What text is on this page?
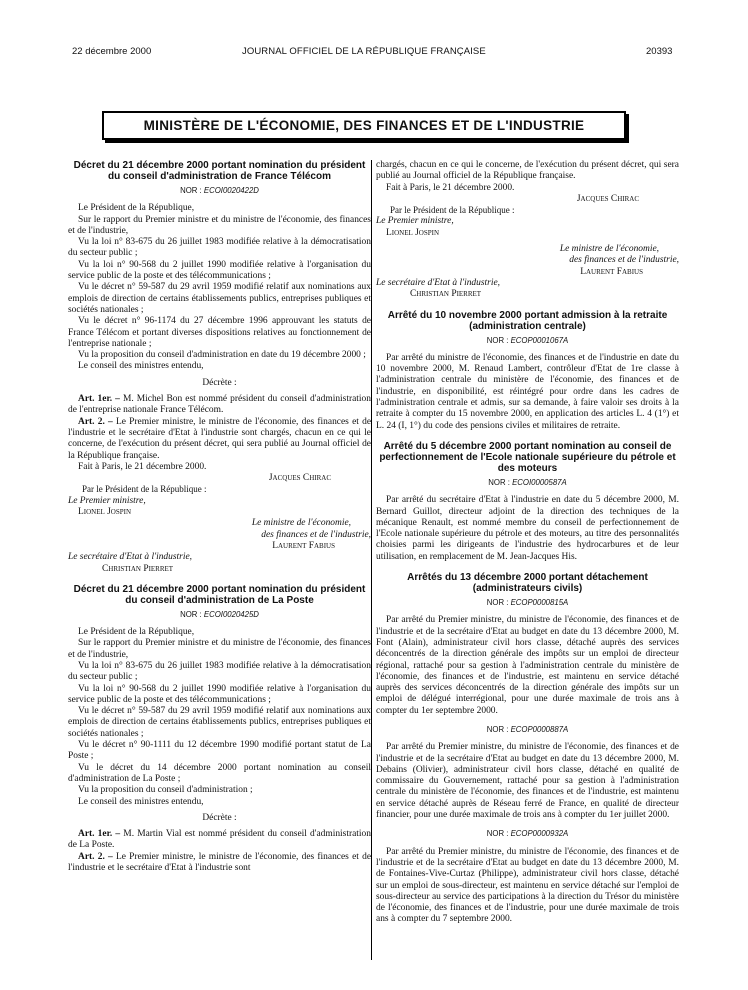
22 décembre 2000	JOURNAL OFFICIEL DE LA RÉPUBLIQUE FRANÇAISE	20393
MINISTÈRE DE L'ÉCONOMIE, DES FINANCES ET DE L'INDUSTRIE
Décret du 21 décembre 2000 portant nomination du président du conseil d'administration de France Télécom
NOR : ECOI0020422D

Le Président de la République,

Sur le rapport du Premier ministre et du ministre de l'économie, des finances et de l'industrie,

Vu la loi n° 83-675 du 26 juillet 1983 modifiée relative à la démocratisation du secteur public ;

Vu la loi n° 90-568 du 2 juillet 1990 modifiée relative à l'organisation du service public de la poste et des télécommunications ;

Vu le décret n° 59-587 du 29 avril 1959 modifié relatif aux nominations aux emplois de direction de certains établissements publics, entreprises publiques et sociétés nationales ;

Vu le décret n° 96-1174 du 27 décembre 1996 approuvant les statuts de France Télécom et portant diverses dispositions relatives au fonctionnement de l'entreprise nationale ;

Vu la proposition du conseil d'administration en date du 19 décembre 2000 ;

Le conseil des ministres entendu,

Décrète :

Art. 1er. – M. Michel Bon est nommé président du conseil d'administration de l'entreprise nationale France Télécom.

Art. 2. – Le Premier ministre, le ministre de l'économie, des finances et de l'industrie et le secrétaire d'Etat à l'industrie sont chargés, chacun en ce qui le concerne, de l'exécution du présent décret, qui sera publié au Journal officiel de la République française.

Fait à Paris, le 21 décembre 2000.

Jacques Chirac

Par le Président de la République :

Le Premier ministre,

Lionel Jospin

Le ministre de l'économie,

des finances et de l'industrie,

Laurent Fabius

Le secrétaire d'Etat à l'industrie,

Christian Pierret

Décret du 21 décembre 2000 portant nomination du président du conseil d'administration de La Poste
NOR : ECOI0020425D

Le Président de la République,

Sur le rapport du Premier ministre et du ministre de l'économie, des finances et de l'industrie,

Vu la loi n° 83-675 du 26 juillet 1983 modifiée relative à la démocratisation du secteur public ;

Vu la loi n° 90-568 du 2 juillet 1990 modifiée relative à l'organisation du service public de la poste et des télécommunications ;

Vu le décret n° 59-587 du 29 avril 1959 modifié relatif aux nominations aux emplois de direction de certains établissements publics, entreprises publiques et sociétés nationales ;

Vu le décret n° 90-1111 du 12 décembre 1990 modifié portant statut de La Poste ;

Vu le décret du 14 décembre 2000 portant nomination au conseil d'administration de La Poste ;

Vu la proposition du conseil d'administration ;

Le conseil des ministres entendu,

Décrète :

Art. 1er. – M. Martin Vial est nommé président du conseil d'administration de La Poste.

Art. 2. – Le Premier ministre, le ministre de l'économie, des finances et de l'industrie et le secrétaire d'Etat à l'industrie sont

chargés, chacun en ce qui le concerne, de l'exécution du présent décret, qui sera publié au Journal officiel de la République française.

Fait à Paris, le 21 décembre 2000.

Jacques Chirac

Par le Président de la République :

Le Premier ministre,

Lionel Jospin

Le ministre de l'économie,

des finances et de l'industrie,

Laurent Fabius

Le secrétaire d'Etat à l'industrie,

Christian Pierret

Arrêté du 10 novembre 2000 portant admission à la retraite (administration centrale)
NOR : ECOP0001067A

Par arrêté du ministre de l'économie, des finances et de l'industrie en date du 10 novembre 2000, M. Renaud Lambert, contrôleur d'Etat de 1re classe à l'administration centrale du ministère de l'économie, des finances et de l'industrie, en disponibilité, est réintégré pour ordre dans les cadres de l'administration centrale et admis, sur sa demande, à faire valoir ses droits à la retraite à compter du 15 novembre 2000, en application des articles L. 4 (1°) et L. 24 (I, 1°) du code des pensions civiles et militaires de retraite.

Arrêté du 5 décembre 2000 portant nomination au conseil de perfectionnement de l'Ecole nationale supérieure du pétrole et des moteurs
NOR : ECOI0000587A

Par arrêté du secrétaire d'Etat à l'industrie en date du 5 décembre 2000, M. Bernard Guillot, directeur adjoint de la direction des techniques de la mécanique Renault, est nommé membre du conseil de perfectionnement de l'Ecole nationale supérieure du pétrole et des moteurs, au titre des personnalités choisies parmi les dirigeants de l'industrie des hydrocarbures et de leur utilisation, en remplacement de M. Jean-Jacques His.

Arrêtés du 13 décembre 2000 portant détachement (administrateurs civils)
NOR : ECOP0000815A

Par arrêté du Premier ministre, du ministre de l'économie, des finances et de l'industrie et de la secrétaire d'Etat au budget en date du 13 décembre 2000, M. Font (Alain), administrateur civil hors classe, détaché auprès des services déconcentrés de la direction générale des impôts sur un emploi de directeur régional, rattaché pour sa gestion à l'administration centrale du ministère de l'économie, des finances et de l'industrie, est maintenu en service détaché auprès des services déconcentrés de la direction générale des impôts sur un emploi de délégué interrégional, pour une durée maximale de trois ans à compter du 1er septembre 2000.

NOR : ECOP0000887A

Par arrêté du Premier ministre, du ministre de l'économie, des finances et de l'industrie et de la secrétaire d'Etat au budget en date du 13 décembre 2000, M. Debains (Olivier), administrateur civil hors classe, détaché en qualité de commissaire du Gouvernement, rattaché pour sa gestion à l'administration centrale du ministère de l'économie, des finances et de l'industrie, est maintenu en service détaché auprès de Réseau ferré de France, en qualité de directeur financier, pour une durée maximale de trois ans à compter du 1er juillet 2000.

NOR : ECOP0000932A

Par arrêté du Premier ministre, du ministre de l'économie, des finances et de l'industrie et de la secrétaire d'Etat au budget en date du 13 décembre 2000, M. de Fontaines-Vive-Curtaz (Philippe), administrateur civil hors classe, détaché sur un emploi de sous-directeur, est maintenu en service détaché sur l'emploi de sous-directeur au service des participations à la direction du Trésor du ministère de l'économie, des finances et de l'industrie, pour une durée maximale de trois ans à compter du 7 septembre 2000.
